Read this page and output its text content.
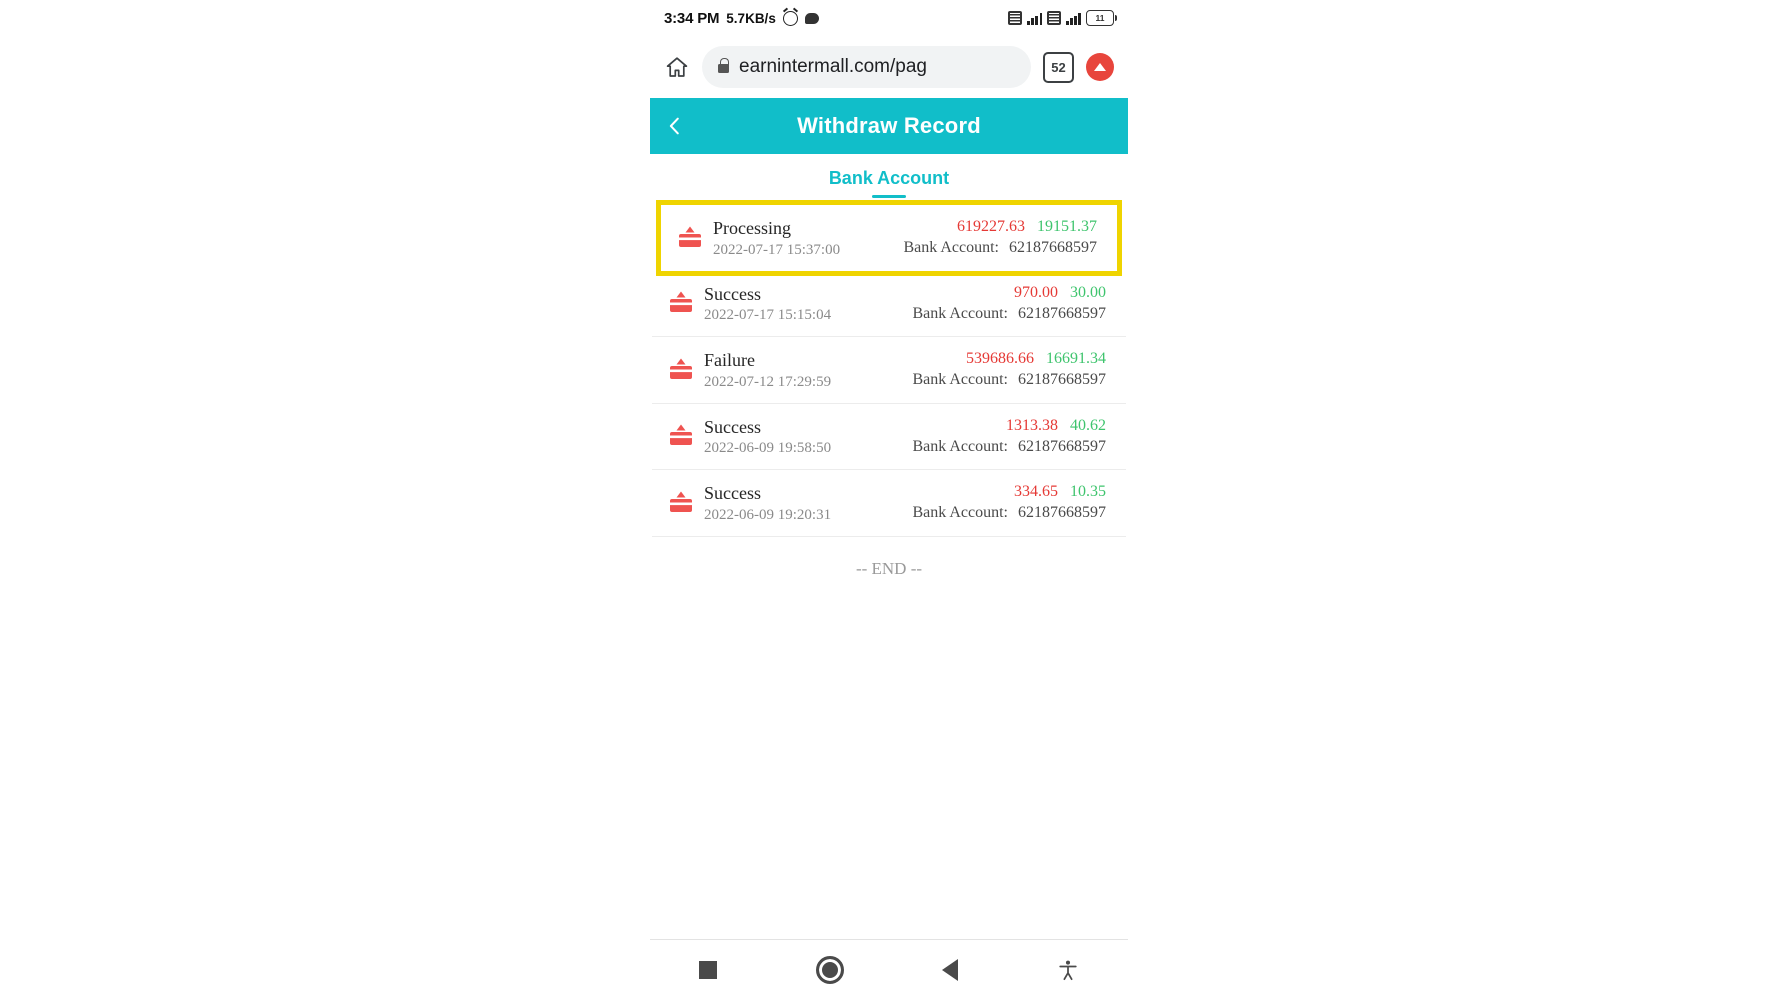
3:34 PM 5.7KB/s	11
earnintermall.com/pag	52
Withdraw Record
Bank Account
Processing
2022-07-17 15:37:00
619227.63 19151.37
Bank Account: 62187668597
Success
2022-07-17 15:15:04
970.00 30.00
Bank Account: 62187668597
Failure
2022-07-12 17:29:59
539686.66 16691.34
Bank Account: 62187668597
Success
2022-06-09 19:58:50
1313.38 40.62
Bank Account: 62187668597
Success
2022-06-09 19:20:31
334.65 10.35
Bank Account: 62187668597
-- END --
